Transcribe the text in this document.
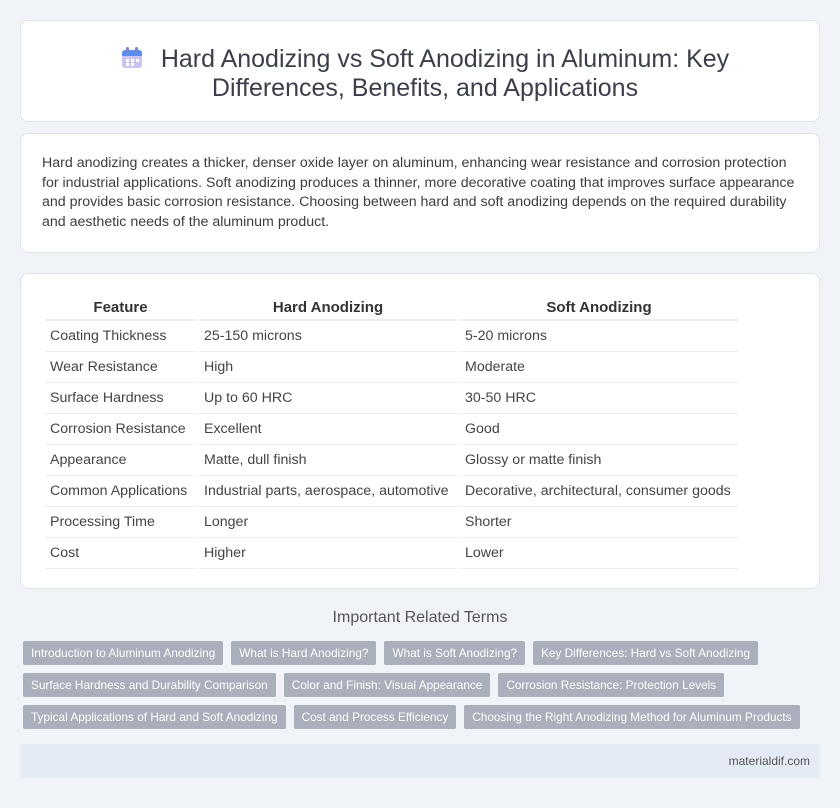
Hard Anodizing vs Soft Anodizing in Aluminum: Key Differences, Benefits, and Applications

Hard anodizing creates a thicker, denser oxide layer on aluminum, enhancing wear resistance and corrosion protection for industrial applications. Soft anodizing produces a thinner, more decorative coating that improves surface appearance and provides basic corrosion resistance. Choosing between hard and soft anodizing depends on the required durability and aesthetic needs of the aluminum product.

Feature	Hard Anodizing	Soft Anodizing
Coating Thickness	25-150 microns	5-20 microns
Wear Resistance	High	Moderate
Surface Hardness	Up to 60 HRC	30-50 HRC
Corrosion Resistance	Excellent	Good
Appearance	Matte, dull finish	Glossy or matte finish
Common Applications	Industrial parts, aerospace, automotive	Decorative, architectural, consumer goods
Processing Time	Longer	Shorter
Cost	Higher	Lower
Important Related Terms
Introduction to Aluminum Anodizing	What is Hard Anodizing?	What is Soft Anodizing?	Key Differences: Hard vs Soft Anodizing
Surface Hardness and Durability Comparison	Color and Finish: Visual Appearance	Corrosion Resistance: Protection Levels
Typical Applications of Hard and Soft Anodizing	Cost and Process Efficiency	Choosing the Right Anodizing Method for Aluminum Products
materialdif.com
